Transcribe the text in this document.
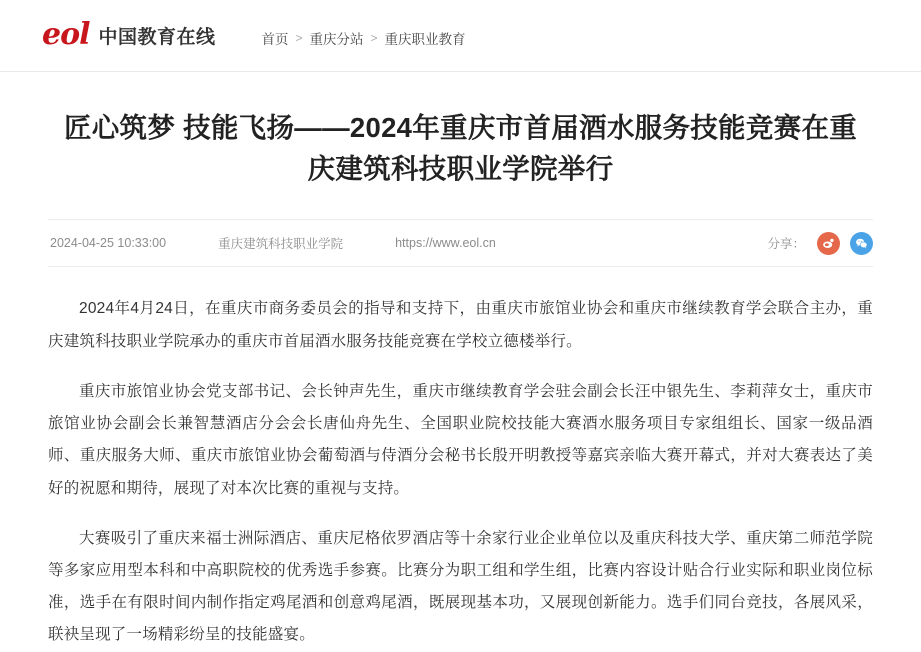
eol 中国教育在线	首页 > 重庆分站 > 重庆职业教育
匠心筑梦 技能飞扬——2024年重庆市首届酒水服务技能竞赛在重庆建筑科技职业学院举行
2024-04-25 10:33:00	重庆建筑科技职业学院	https://www.eol.cn	分享：

2024年4月24日，在重庆市商务委员会的指导和支持下，由重庆市旅馆业协会和重庆市继续教育学会联合主办，重庆建筑科技职业学院承办的重庆市首届酒水服务技能竞赛在学校立德楼举行。

重庆市旅馆业协会党支部书记、会长钟声先生，重庆市继续教育学会驻会副会长汪中银先生、李莉萍女士，重庆市旅馆业协会副会长兼智慧酒店分会会长唐仙舟先生、全国职业院校技能大赛酒水服务项目专家组组长、国家一级品酒师、重庆服务大师、重庆市旅馆业协会葡萄酒与侍酒分会秘书长殷开明教授等嘉宾亲临大赛开幕式，并对大赛表达了美好的祝愿和期待，展现了对本次比赛的重视与支持。

大赛吸引了重庆来福士洲际酒店、重庆尼格依罗酒店等十余家行业企业单位以及重庆科技大学、重庆第二师范学院等多家应用型本科和中高职院校的优秀选手参赛。比赛分为职工组和学生组，比赛内容设计贴合行业实际和职业岗位标准，选手在有限时间内制作指定鸡尾酒和创意鸡尾酒，既展现基本功，又展现创新能力。选手们同台竞技，各展风采，联袂呈现了一场精彩纷呈的技能盛宴。
